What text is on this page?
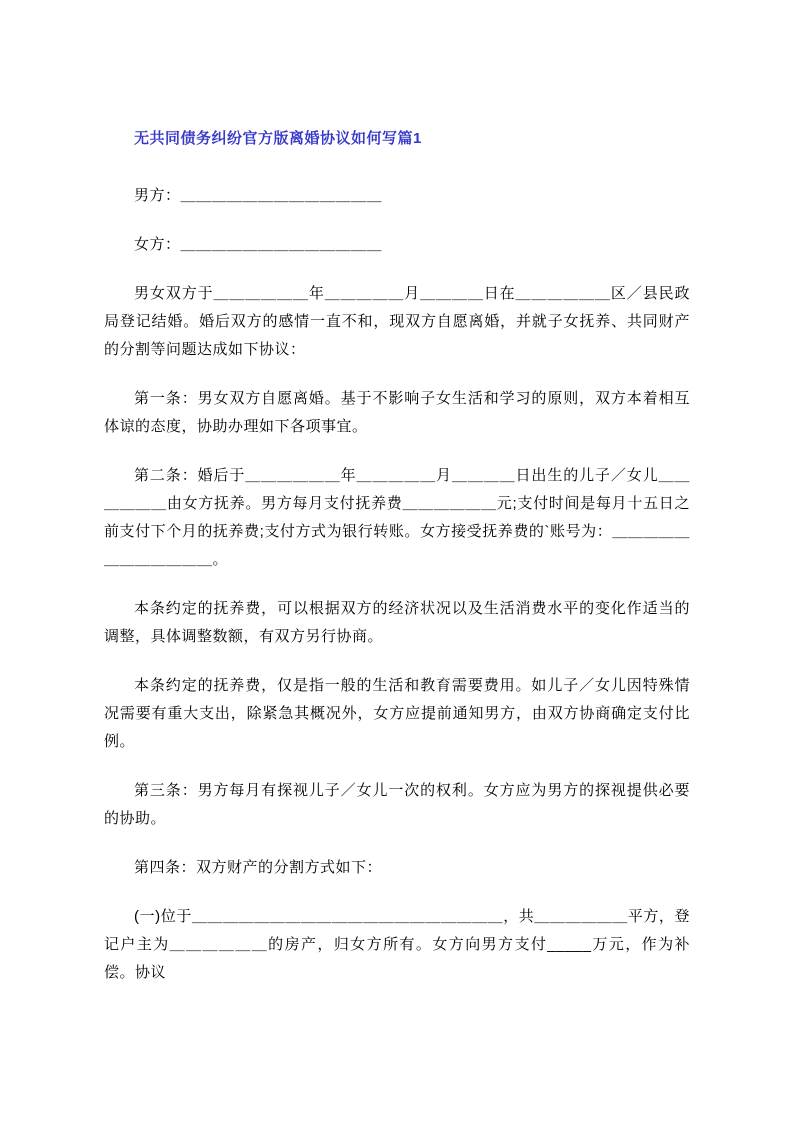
无共同债务纠纷官方版离婚协议如何写篇1

男方：＿＿＿＿＿＿＿＿＿＿＿＿＿

女方：＿＿＿＿＿＿＿＿＿＿＿＿＿

男女双方于＿＿＿＿＿＿年＿＿＿＿＿月＿＿＿＿日在＿＿＿＿＿＿区／县民政局登记结婚。婚后双方的感情一直不和，现双方自愿离婚，并就子女抚养、共同财产的分割等问题达成如下协议：

第一条：男女双方自愿离婚。基于不影响子女生活和学习的原则，双方本着相互体谅的态度，协助办理如下各项事宜。

第二条：婚后于＿＿＿＿＿＿年＿＿＿＿＿月＿＿＿＿日出生的儿子／女儿＿＿＿＿＿＿由女方抚养。男方每月支付抚养费＿＿＿＿＿＿元;支付时间是每月十五日之前支付下个月的抚养费;支付方式为银行转账。女方接受抚养费的`账号为：＿＿＿＿＿＿＿＿＿＿＿＿。

本条约定的抚养费，可以根据双方的经济状况以及生活消费水平的变化作适当的调整，具体调整数额，有双方另行协商。

本条约定的抚养费，仅是指一般的生活和教育需要费用。如儿子／女儿因特殊情况需要有重大支出，除紧急其概况外，女方应提前通知男方，由双方协商确定支付比例。

第三条：男方每月有探视儿子／女儿一次的权利。女方应为男方的探视提供必要的协助。

第四条：双方财产的分割方式如下：

(一)位于＿＿＿＿＿＿＿＿＿＿＿＿＿＿＿＿＿＿＿＿，共＿＿＿＿＿＿平方，登记户主为＿＿＿＿＿＿的房产，归女方所有。女方向男方支付_____万元，作为补偿。协议
